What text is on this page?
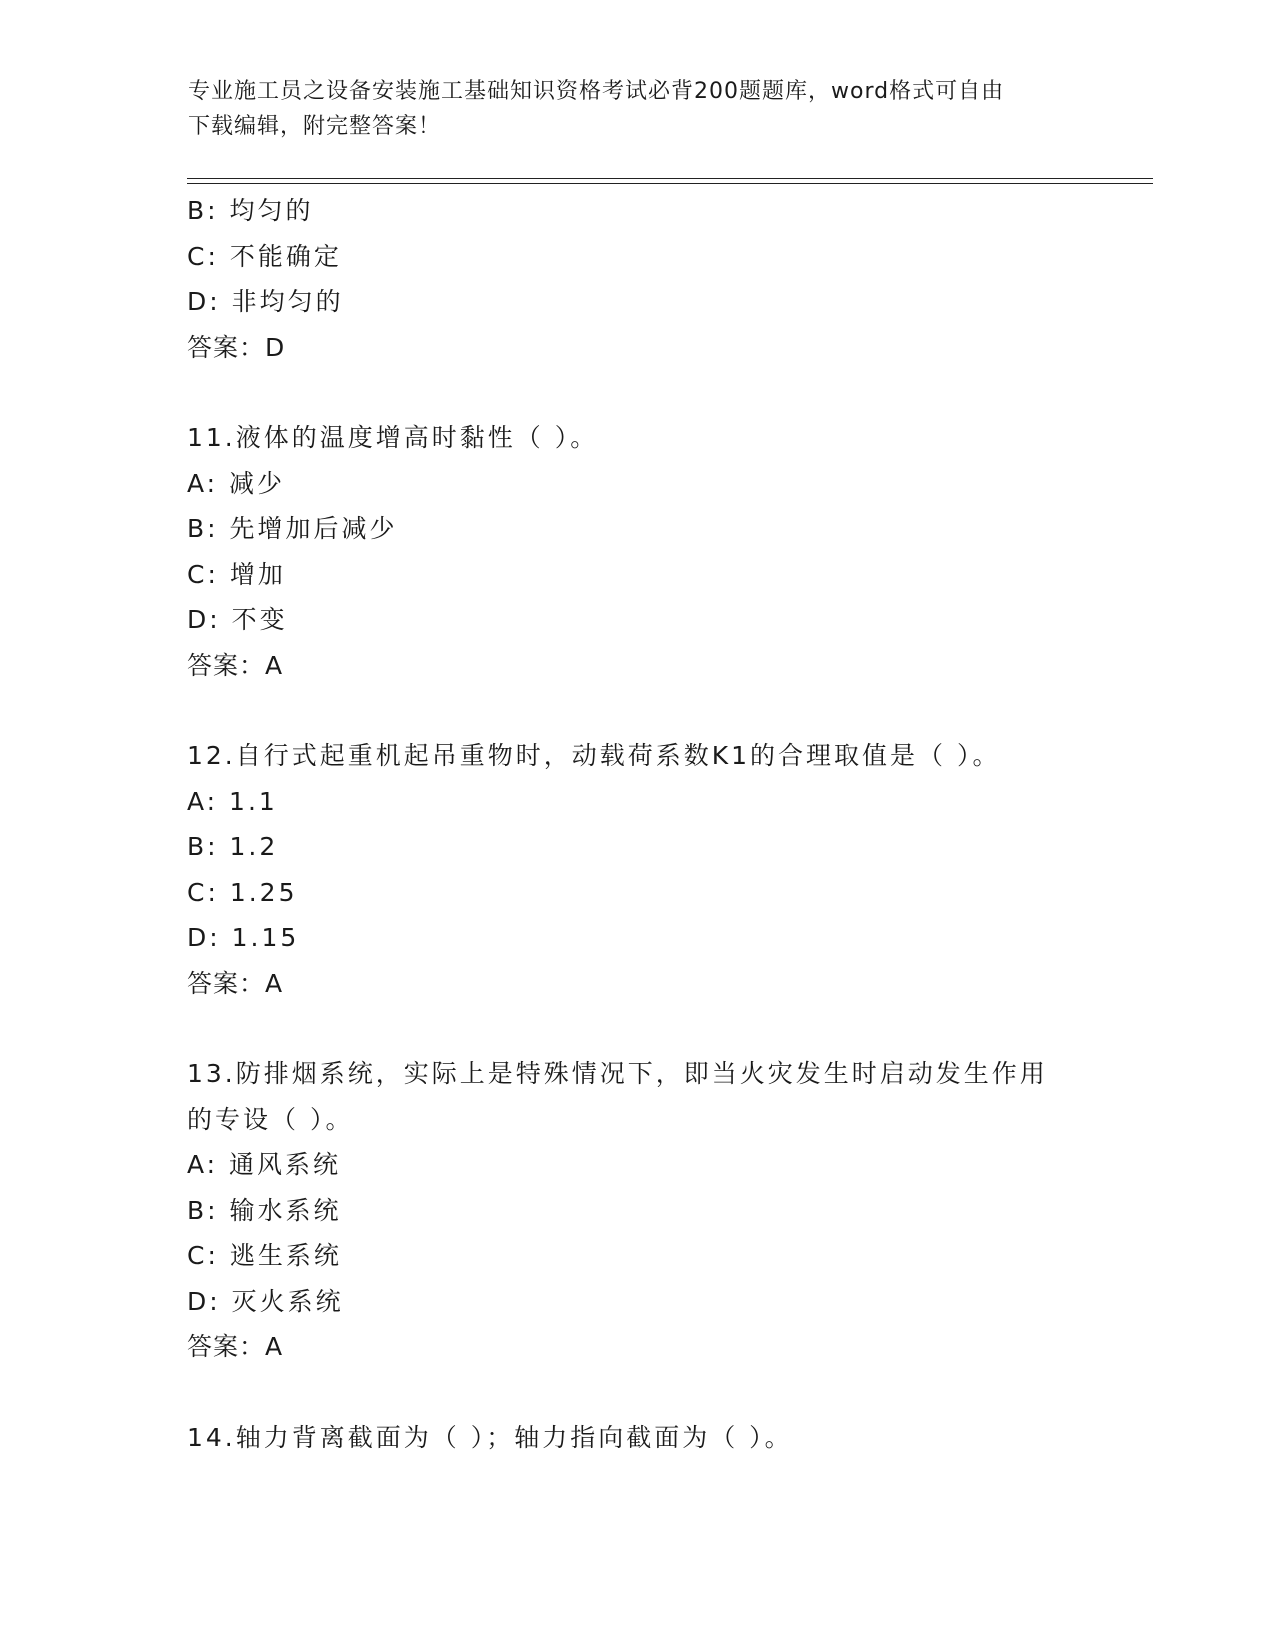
专业施工员之设备安装施工基础知识资格考试必背200题题库，word格式可自由
下载编辑，附完整答案！
B: 均匀的
C: 不能确定
D: 非均匀的
答案：D
11.液体的温度增高时黏性（ ）。
A: 减少
B: 先增加后减少
C: 增加
D: 不变
答案：A
12.自行式起重机起吊重物时，动载荷系数K1的合理取值是（ ）。
A: 1.1
B: 1.2
C: 1.25
D: 1.15
答案：A
13.防排烟系统，实际上是特殊情况下，即当火灾发生时启动发生作用
的专设（ ）。
A: 通风系统
B: 输水系统
C: 逃生系统
D: 灭火系统
答案：A
14.轴力背离截面为（ ）；轴力指向截面为（ ）。
